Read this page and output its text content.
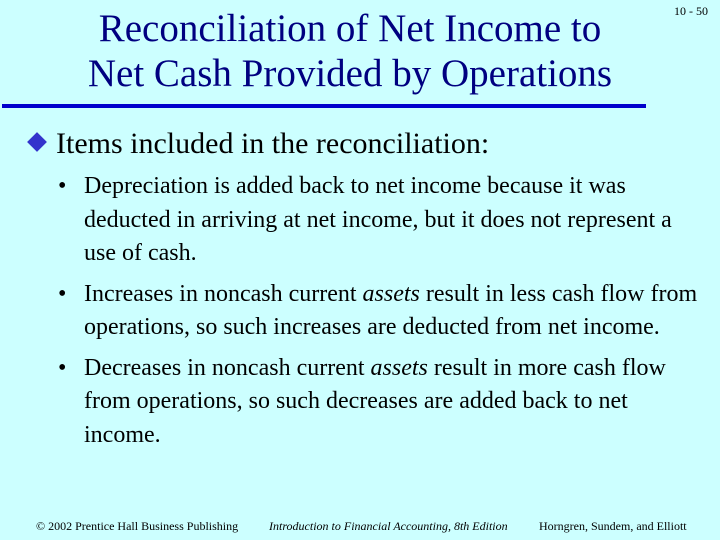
Reconciliation of Net Income to
Net Cash Provided by Operations
10 - 50
Items included in the reconciliation:
• Depreciation is added back to net income because it was deducted in arriving at net income, but it does not represent a use of cash.
• Increases in noncash current assets result in less cash flow from operations, so such increases are deducted from net income.
• Decreases in noncash current assets result in more cash flow from operations, so such decreases are added back to net income.
© 2002 Prentice Hall Business Publishing	Introduction to Financial Accounting, 8th Edition	Horngren, Sundem, and Elliott
